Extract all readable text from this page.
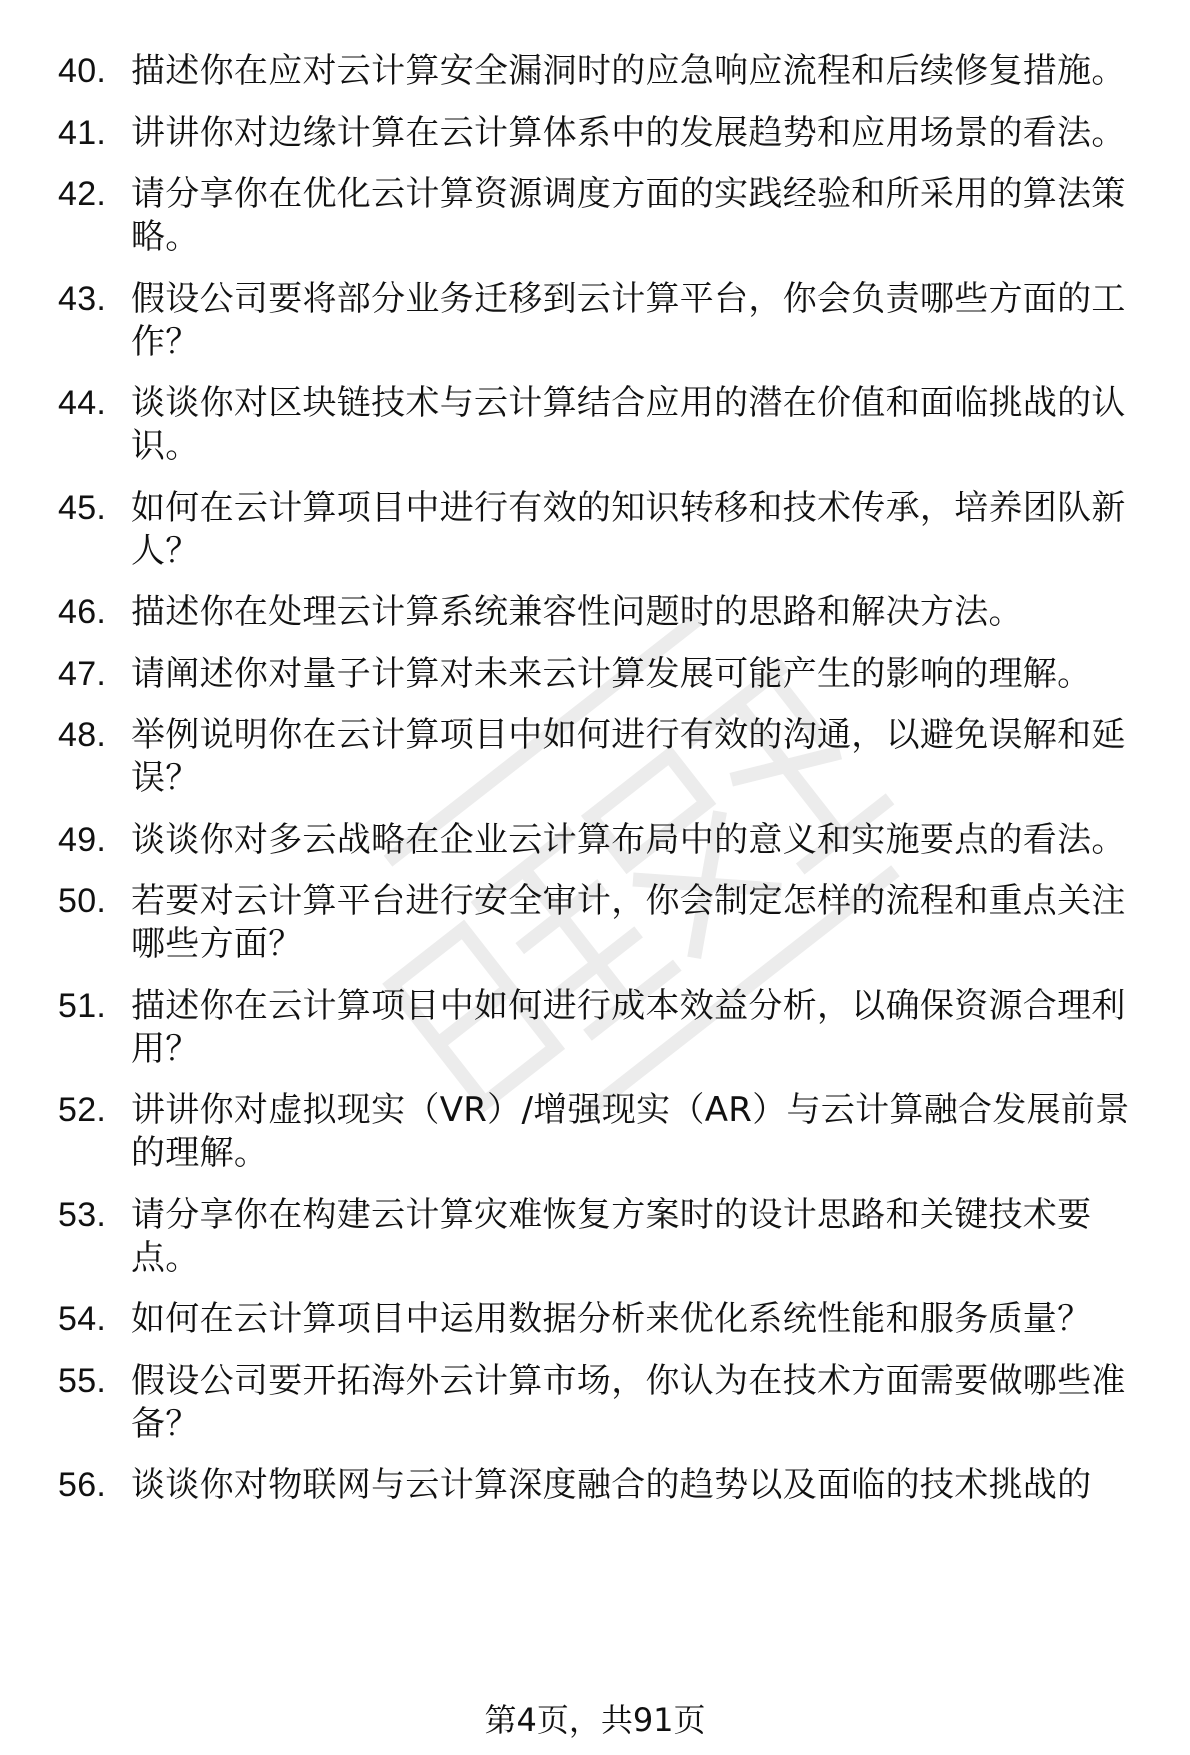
40. 描述你在应对云计算安全漏洞时的应急响应流程和后续修复措施。
41. 讲讲你对边缘计算在云计算体系中的发展趋势和应用场景的看法。
42. 请分享你在优化云计算资源调度方面的实践经验和所采用的算法策略。
43. 假设公司要将部分业务迁移到云计算平台，你会负责哪些方面的工作？
44. 谈谈你对区块链技术与云计算结合应用的潜在价值和面临挑战的认识。
45. 如何在云计算项目中进行有效的知识转移和技术传承，培养团队新人？
46. 描述你在处理云计算系统兼容性问题时的思路和解决方法。
47. 请阐述你对量子计算对未来云计算发展可能产生的影响的理解。
48. 举例说明你在云计算项目中如何进行有效的沟通，以避免误解和延误？
49. 谈谈你对多云战略在企业云计算布局中的意义和实施要点的看法。
50. 若要对云计算平台进行安全审计，你会制定怎样的流程和重点关注哪些方面？
51. 描述你在云计算项目中如何进行成本效益分析，以确保资源合理利用？
52. 讲讲你对虚拟现实（VR）/增强现实（AR）与云计算融合发展前景的理解。
53. 请分享你在构建云计算灾难恢复方案时的设计思路和关键技术要点。
54. 如何在云计算项目中运用数据分析来优化系统性能和服务质量？
55. 假设公司要开拓海外云计算市场，你认为在技术方面需要做哪些准备？
56. 谈谈你对物联网与云计算深度融合的趋势以及面临的技术挑战的
第4页，共91页
